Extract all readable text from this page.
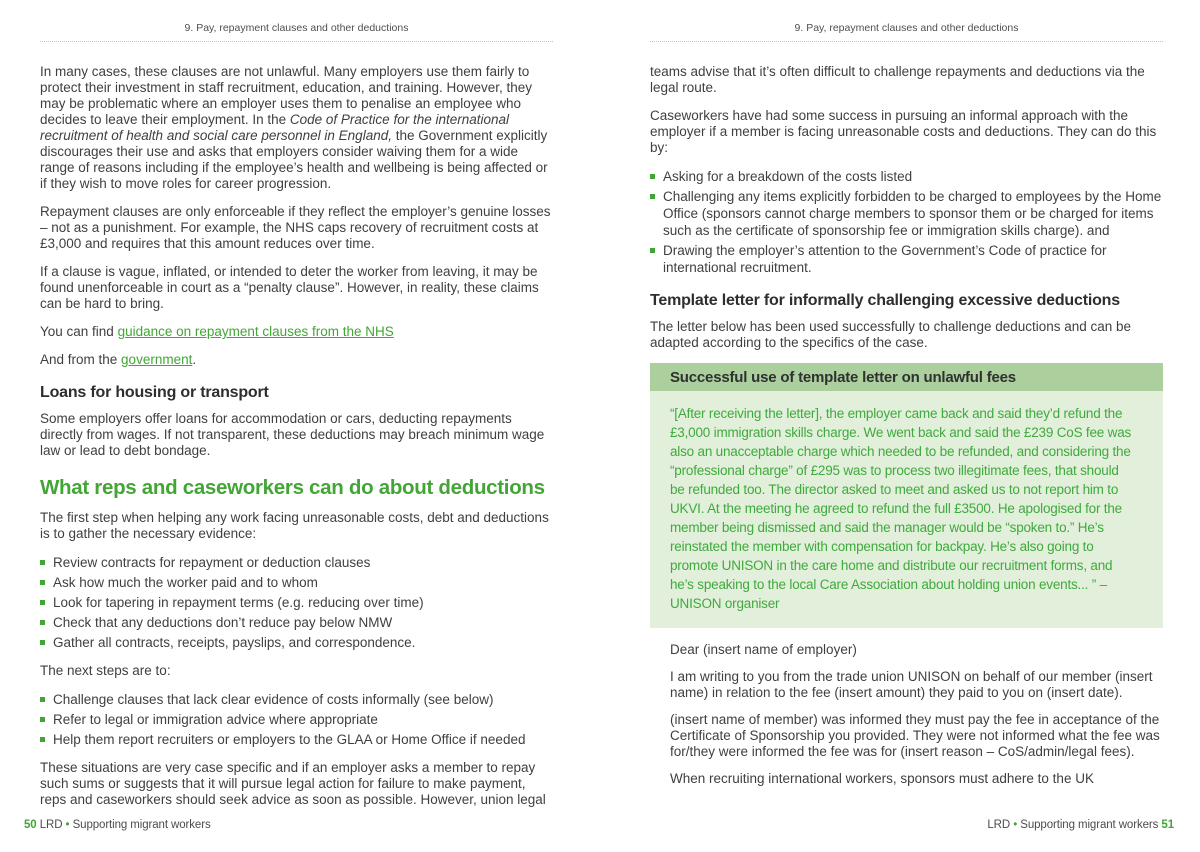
9. Pay, repayment clauses and other deductions

In many cases, these clauses are not unlawful. Many employers use them fairly to protect their investment in staff recruitment, education, and training. However, they may be problematic where an employer uses them to penalise an employee who decides to leave their employment. In the Code of Practice for the international recruitment of health and social care personnel in England, the Government explicitly discourages their use and asks that employers consider waiving them for a wide range of reasons including if the employee’s health and wellbeing is being affected or if they wish to move roles for career progression.

Repayment clauses are only enforceable if they reflect the employer’s genuine losses – not as a punishment. For example, the NHS caps recovery of recruitment costs at £3,000 and requires that this amount reduces over time.

If a clause is vague, inflated, or intended to deter the worker from leaving, it may be found unenforceable in court as a “penalty clause”. However, in reality, these claims can be hard to bring.

You can find guidance on repayment clauses from the NHS

And from the government.

Loans for housing or transport

Some employers offer loans for accommodation or cars, deducting repayments directly from wages. If not transparent, these deductions may breach minimum wage law or lead to debt bondage.

What reps and caseworkers can do about deductions

The first step when helping any work facing unreasonable costs, debt and deductions is to gather the necessary evidence:

Review contracts for repayment or deduction clauses
Ask how much the worker paid and to whom
Look for tapering in repayment terms (e.g. reducing over time)
Check that any deductions don’t reduce pay below NMW
Gather all contracts, receipts, payslips, and correspondence.

The next steps are to:

Challenge clauses that lack clear evidence of costs informally (see below)
Refer to legal or immigration advice where appropriate
Help them report recruiters or employers to the GLAA or Home Office if needed

These situations are very case specific and if an employer asks a member to repay such sums or suggests that it will pursue legal action for failure to make payment, reps and caseworkers should seek advice as soon as possible. However, union legal

9. Pay, repayment clauses and other deductions

teams advise that it’s often difficult to challenge repayments and deductions via the legal route.

Caseworkers have had some success in pursuing an informal approach with the employer if a member is facing unreasonable costs and deductions. They can do this by:

Asking for a breakdown of the costs listed
Challenging any items explicitly forbidden to be charged to employees by the Home Office (sponsors cannot charge members to sponsor them or be charged for items such as the certificate of sponsorship fee or immigration skills charge). and
Drawing the employer’s attention to the Government’s Code of practice for international recruitment.
Template letter for informally challenging excessive deductions

The letter below has been used successfully to challenge deductions and can be adapted according to the specifics of the case.

Successful use of template letter on unlawful fees
“[After receiving the letter], the employer came back and said they’d refund the £3,000 immigration skills charge. We went back and said the £239 CoS fee was also an unacceptable charge which needed to be refunded, and considering the “professional charge” of £295 was to process two illegitimate fees, that should be refunded too. The director asked to meet and asked us to not report him to UKVI. At the meeting he agreed to refund the full £3500. He apologised for the member being dismissed and said the manager would be “spoken to.” He’s reinstated the member with compensation for backpay. He’s also going to promote UNISON in the care home and distribute our recruitment forms, and he’s speaking to the local Care Association about holding union events... ” – UNISON organiser

Dear (insert name of employer)

I am writing to you from the trade union UNISON on behalf of our member (insert name) in relation to the fee (insert amount) they paid to you on (insert date).

(insert name of member) was informed they must pay the fee in acceptance of the Certificate of Sponsorship you provided. They were not informed what the fee was for/they were informed the fee was for (insert reason – CoS/admin/legal fees).

When recruiting international workers, sponsors must adhere to the UK

50 LRD • Supporting migrant workers	LRD • Supporting migrant workers 51
